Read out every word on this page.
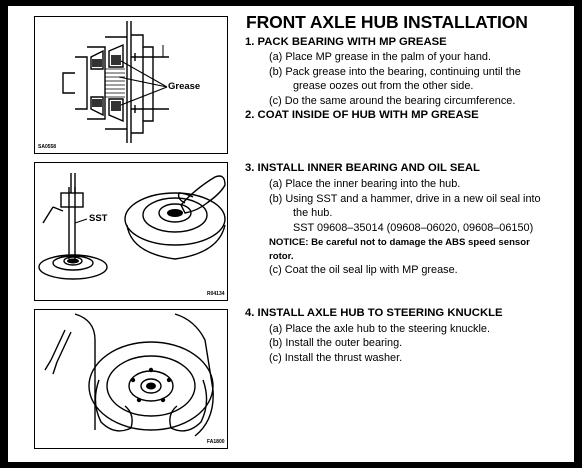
Grease
SA0558
SST
R04134
FA1800
FRONT AXLE HUB INSTALLATION
1. PACK BEARING WITH MP GREASE
(a) Place MP grease in the palm of your hand.
(b) Pack grease into the bearing, continuing until the
grease oozes out from the other side.
(c) Do the same around the bearing circumference.
2. COAT INSIDE OF HUB WITH MP GREASE
3. INSTALL INNER BEARING AND OIL SEAL
(a) Place the inner bearing into the hub.
(b) Using SST and a hammer, drive in a new oil seal into
the hub.
SST 09608–35014 (09608–06020, 09608–06150)
NOTICE: Be careful not to damage the ABS speed sensor
rotor.
(c) Coat the oil seal lip with MP grease.
4. INSTALL AXLE HUB TO STEERING KNUCKLE
(a) Place the axle hub to the steering knuckle.
(b) Install the outer bearing.
(c) Install the thrust washer.
